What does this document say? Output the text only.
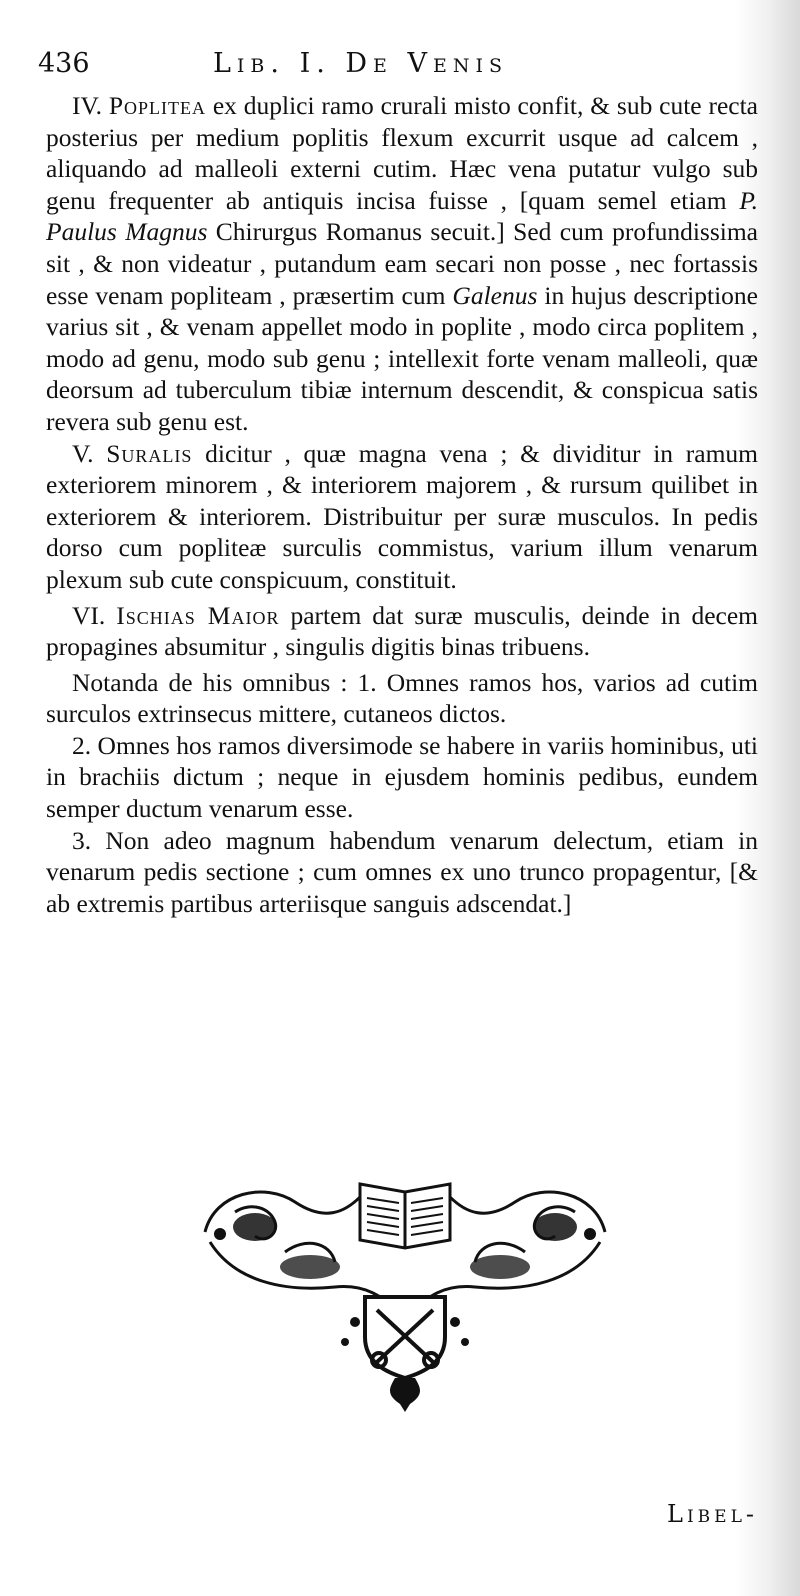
436	Lib. I. De Venis

IV. Poplitea ex duplici ramo crurali misto confit, & sub cute recta posterius per medium poplitis flexum excurrit usque ad calcem , aliquando ad malleoli externi cutim. Hæc vena putatur vulgo sub genu frequenter ab antiquis incisa fuisse , [quam semel etiam P. Paulus Magnus Chirurgus Romanus secuit.] Sed cum profundissima sit , & non videatur , putandum eam secari non posse , nec fortassis esse venam popliteam , præsertim cum Galenus in hujus descriptione varius sit , & venam appellet modo in poplite , modo circa poplitem , modo ad genu, modo sub genu ; intellexit forte venam malleoli, quæ deorsum ad tuberculum tibiæ internum descendit, & conspicua satis revera sub genu est.

V. Suralis dicitur , quæ magna vena ; & dividitur in ramum exteriorem minorem , & interiorem majorem , & rursum quilibet in exteriorem & interiorem. Distribuitur per suræ musculos. In pedis dorso cum popliteæ surculis commistus, varium illum venarum plexum sub cute conspicuum, constituit.

VI. Ischias Maior partem dat suræ musculis, deinde in decem propagines absumitur , singulis digitis binas tribuens.

Notanda de his omnibus : 1. Omnes ramos hos, varios ad cutim surculos extrinsecus mittere, cutaneos dictos.

2. Omnes hos ramos diversimode se habere in variis hominibus, uti in brachiis dictum ; neque in ejusdem hominis pedibus, eundem semper ductum venarum esse.

3. Non adeo magnum habendum venarum delectum, etiam in venarum pedis sectione ; cum omnes ex uno trunco propagentur, [& ab extremis partibus arteriisque sanguis adscendat.]

Libel-
